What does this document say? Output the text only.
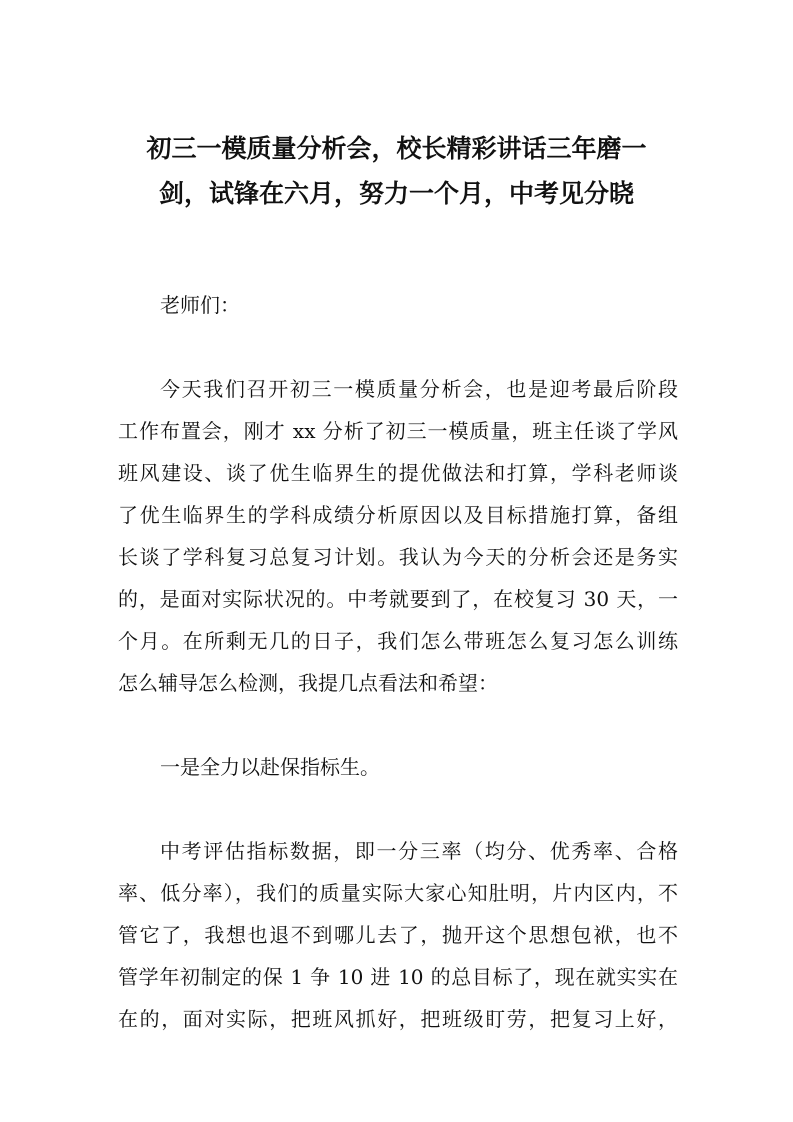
初三一模质量分析会，校长精彩讲话三年磨一
剑，试锋在六月，努力一个月，中考见分晓
老师们：
今天我们召开初三一模质量分析会，也是迎考最后阶段
工作布置会，刚才 xx 分析了初三一模质量，班主任谈了学风
班风建设、谈了优生临界生的提优做法和打算，学科老师谈
了优生临界生的学科成绩分析原因以及目标措施打算，备组
长谈了学科复习总复习计划。我认为今天的分析会还是务实
的，是面对实际状况的。中考就要到了，在校复习 30 天，一
个月。在所剩无几的日子，我们怎么带班怎么复习怎么训练
怎么辅导怎么检测，我提几点看法和希望：
一是全力以赴保指标生。
中考评估指标数据，即一分三率（均分、优秀率、合格
率、低分率），我们的质量实际大家心知肚明，片内区内，不
管它了，我想也退不到哪儿去了，抛开这个思想包袱，也不
管学年初制定的保 1 争 10 进 10 的总目标了，现在就实实在
在的，面对实际，把班风抓好，把班级盯劳，把复习上好，
